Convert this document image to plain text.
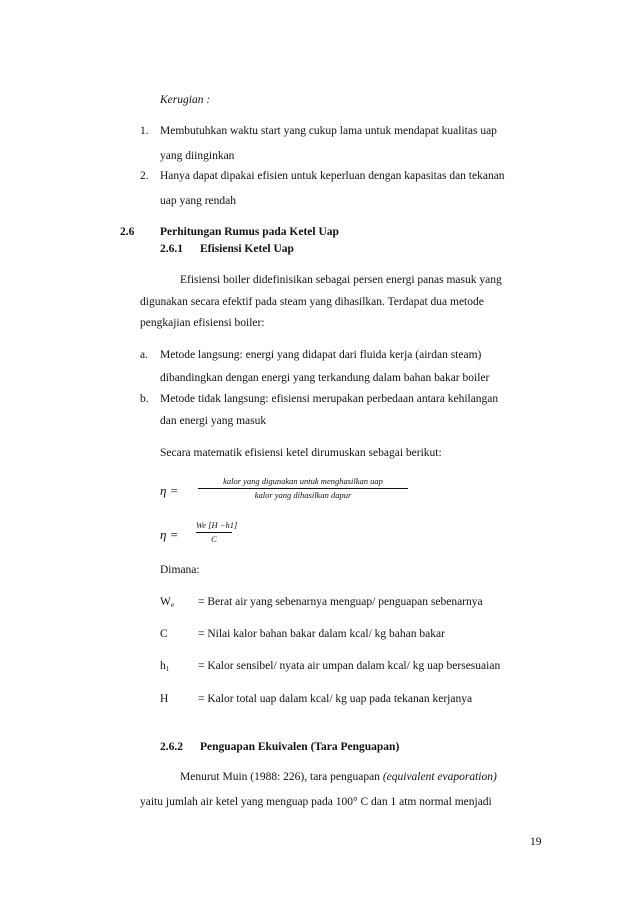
Kerugian :
1. Membutuhkan waktu start yang cukup lama untuk mendapat kualitas uap
yang diinginkan
2. Hanya dapat dipakai efisien untuk keperluan dengan kapasitas dan tekanan
uap yang rendah
2.6 Perhitungan Rumus pada Ketel Uap
2.6.1 Efisiensi Ketel Uap
Efisiensi boiler didefinisikan sebagai persen energi panas masuk yang
digunakan secara efektif pada steam yang dihasilkan. Terdapat dua metode
pengkajian efisiensi boiler:
a. Metode langsung: energi yang didapat dari fluida kerja (airdan steam)
dibandingkan dengan energi yang terkandung dalam bahan bakar boiler
b. Metode tidak langsung: efisiensi merupakan perbedaan antara kehilangan
dan energi yang masuk
Secara matematik efisiensi ketel dirumuskan sebagai berikut:
η =
kalor yang digunakan untuk menghasilkan uap
kalor yang dihasilkan dapur
η =
We [H −h1]
C
Dimana:
$W_e$ = Berat air yang sebenarnya menguap/ penguapan sebenarnya
C	= Nilai kalor bahan bakar dalam kcal/ kg bahan bakar
$h_1$	= Kalor sensibel/ nyata air umpan dalam kcal/ kg uap bersesuaian
H	= Kalor total uap dalam kcal/ kg uap pada tekanan kerjanya
2.6.2 Penguapan Ekuivalen (Tara Penguapan)
Menurut Muin (1988: 226), tara penguapan (equivalent evaporation)
yaitu jumlah air ketel yang menguap pada 100° C dan 1 atm normal menjadi
19
